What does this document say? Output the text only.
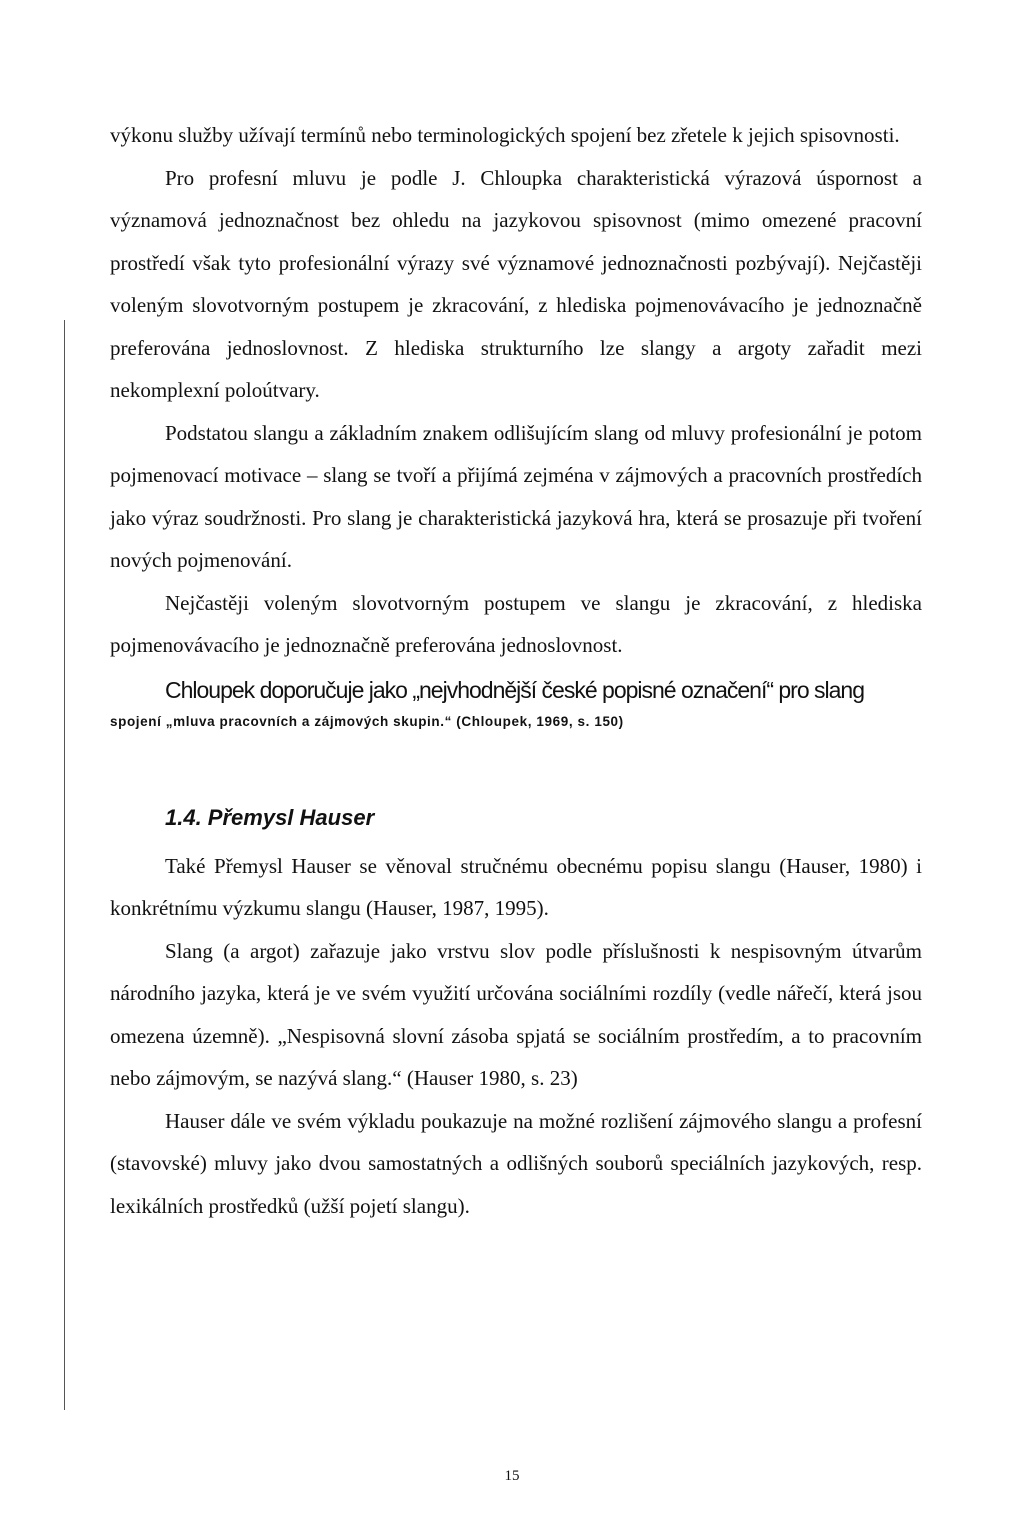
výkonu služby užívají termínů nebo terminologických spojení bez zřetele k jejich spisovnosti.

Pro profesní mluvu je podle J. Chloupka charakteristická výrazová úspornost a významová jednoznačnost bez ohledu na jazykovou spisovnost (mimo omezené pracovní prostředí však tyto profesionální výrazy své významové jednoznačnosti pozbývají). Nejčastěji voleným slovotvorným postupem je zkracování, z hlediska pojmenovávacího je jednoznačně preferována jednoslovnost. Z hlediska strukturního lze slangy a argoty zařadit mezi nekomplexní poloútvary.

Podstatou slangu a základním znakem odlišujícím slang od mluvy profesionální je potom pojmenovací motivace – slang se tvoří a přijímá zejména v zájmových a pracovních prostředích jako výraz soudržnosti. Pro slang je charakteristická jazyková hra, která se prosazuje při tvoření nových pojmenování.

Nejčastěji voleným slovotvorným postupem ve slangu je zkracování, z hlediska pojmenovávacího je jednoznačně preferována jednoslovnost.

Chloupek doporučuje jako „nejvhodnější české popisné označení“ pro slang

spojení „mluva pracovních a zájmových skupin.“ (Chloupek, 1969, s. 150)

1.4. Přemysl Hauser

Také Přemysl Hauser se věnoval stručnému obecnému popisu slangu (Hauser, 1980) i konkrétnímu výzkumu slangu (Hauser, 1987, 1995).

Slang (a argot) zařazuje jako vrstvu slov podle příslušnosti k nespisovným útvarům národního jazyka, která je ve svém využití určována sociálními rozdíly (vedle nářečí, která jsou omezena územně). „Nespisovná slovní zásoba spjatá se sociálním prostředím, a to pracovním nebo zájmovým, se nazývá slang.“ (Hauser 1980, s. 23)

Hauser dále ve svém výkladu poukazuje na možné rozlišení zájmového slangu a profesní (stavovské) mluvy jako dvou samostatných a odlišných souborů speciálních jazykových, resp. lexikálních prostředků (užší pojetí slangu).

15
